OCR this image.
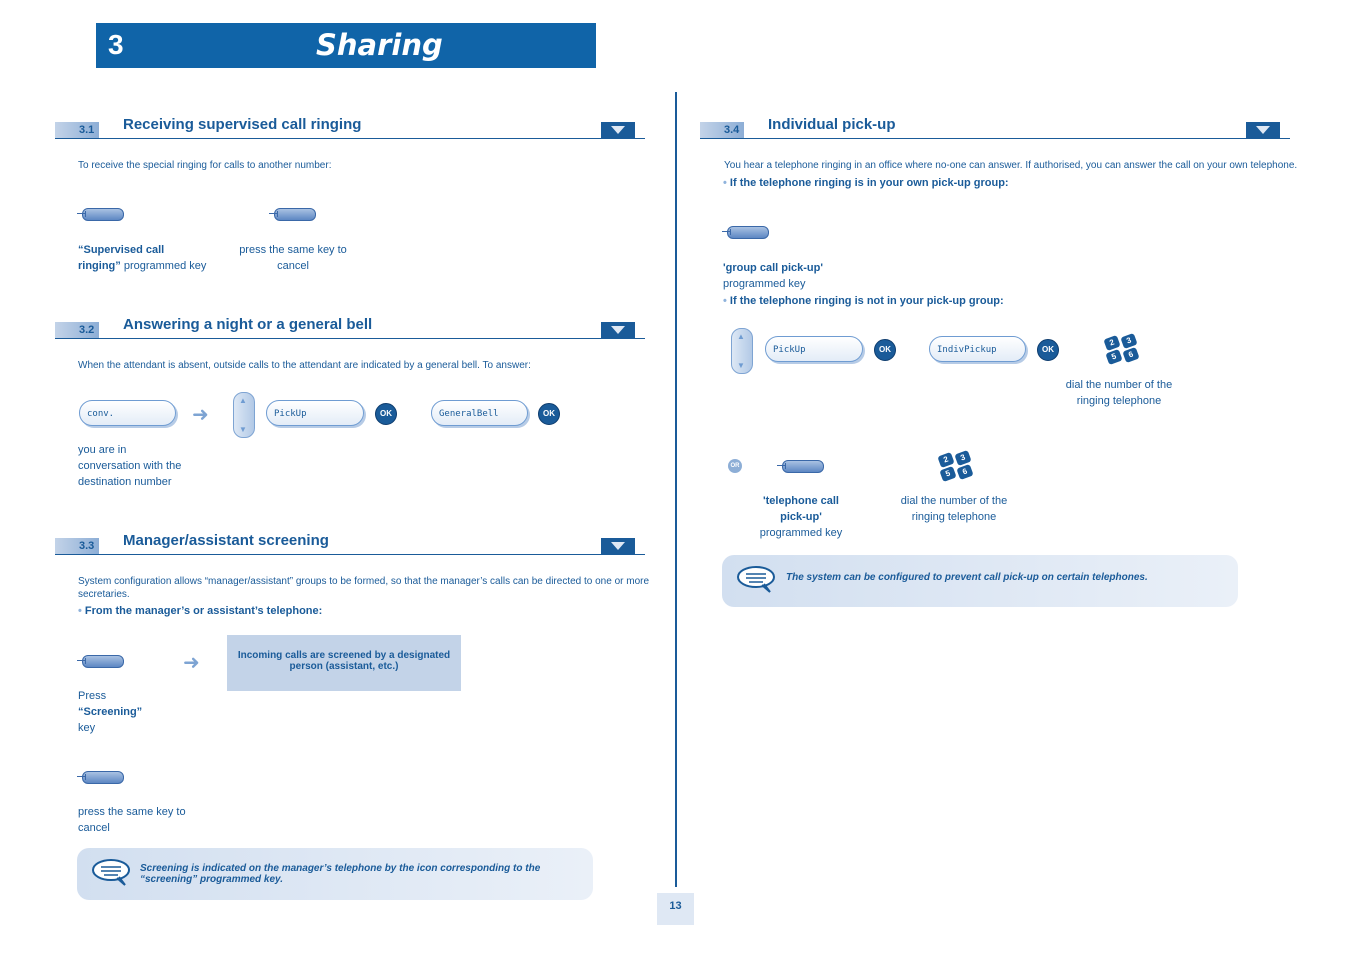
3	Sharing
3.1 Receiving supervised call ringing
To receive the special ringing for calls to another number:
“Supervised call ringing” programmed key
press the same key to cancel
3.2 Answering a night or a general bell
When the attendant is absent, outside calls to the attendant are indicated by a general bell. To answer:
conv.	➜
▲
▼
PickUp	OK	GeneralBell	OK
you are in conversation with the destination number
3.3 Manager/assistant screening
System configuration allows “manager/assistant” groups to be formed, so that the manager’s calls can be directed to one or more secretaries.
• From the manager’s or assistant’s telephone:
➜	Incoming calls are screened by a designated person (assistant, etc.)
Press
“Screening”
key
press the same key to cancel
Screening is indicated on the manager’s telephone by the icon corresponding to the “screening” programmed key.
13
3.4 Individual pick-up
You hear a telephone ringing in an office where no-one can answer. If authorised, you can answer the call on your own telephone.
• If the telephone ringing is in your own pick-up group:
'group call pick-up'
programmed key
• If the telephone ringing is not in your pick-up group:
▲
▼
PickUp	OK	IndivPickup	OK
2	3
5	6
dial the number of the ringing telephone
OR
2	3
5	6
'telephone call pick-up'
programmed key
dial the number of the ringing telephone
The system can be configured to prevent call pick-up on certain telephones.
